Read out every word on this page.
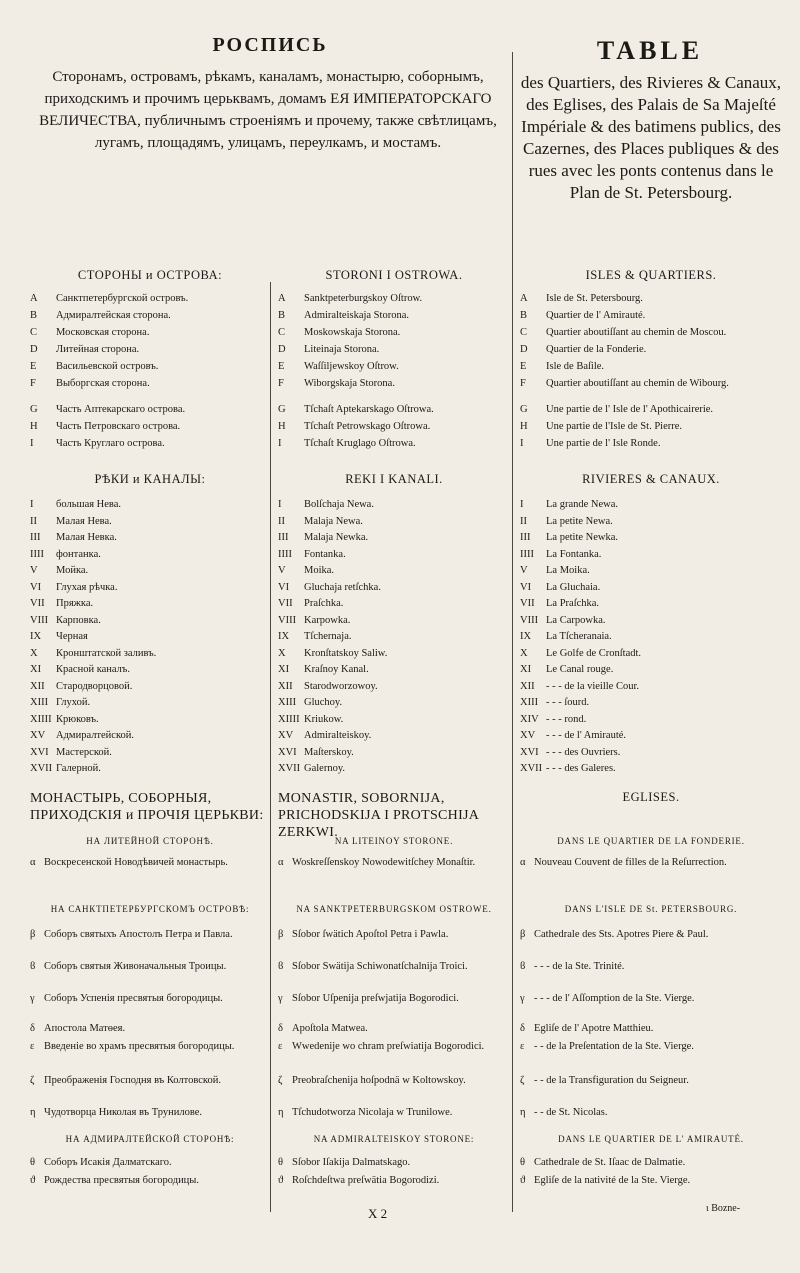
РОСПИСЬ
Сторонамъ, островамъ, рѣкамъ, каналамъ, монастырю, соборнымъ, приходскимъ и прочимъ церьквамъ, домамъ ЕЯ ИМПЕРАТОРСКАГО ВЕЛИЧЕСТВА, публичнымъ строеніямъ и прочему, также свѣтлицамъ, лугамъ, площадямъ, улицамъ, переулкамъ, и мостамъ.
TABLE
des Quartiers, des Rivieres & Canaux, des Eglises, des Palais de Sa Majeſté Impériale & des batimens publics, des Cazernes, des Places publiques & des rues avec les ponts contenus dans le Plan de St. Petersbourg.
СТОРОНЫ и ОСТРОВА:
A	Санктпетербургской островъ.
B	Адмиралтейская сторона.
C	Московская сторона.
D	Литейная сторона.
E	Васильевской островъ.
F	Выборгская сторона.
G	Часть Аптекарскаго острова.
H	Часть Петровскаго острова.
I	Часть Круглаго острова.
РѢКИ и КАНАЛЫ:
I	большая Нева.
II	Малая Нева.
III	Малая Невка.
IIII	фонтанка.
V	Мойка.
VI	Глухая рѣчка.
VII	Пряжка.
VIII Карповка.
IX	Черная
X	Кронштатской заливъ.
XI	Красной каналъ.
XII	Стародворцовой.
XIII Глухой.
XIIII Крюковъ.
XV	Адмиралтейской.
XVI Мастерской.
XVII Галерной.
МОНАСТЫРЬ, СОБОРНЫЯ, ПРИХОДСКІЯ и ПРОЧІЯ ЦЕРЬКВИ:
НА ЛИТЕЙНОЙ СТОРОНѢ.
α Воскресенской Новодѣвичей монастырь.
НА САНКТПЕТЕРБУРГСКОМЪ ОСТРОВѢ:
β Соборъ святыхъ Апостолъ Петра и Павла.
ϐ Соборъ святыя Живоначальныя Троицы.
γ Соборъ Успенія пресвятыя богородицы.
δ Апостола Матѳея.
ε Введеніе во храмъ пресвятыя богородицы.
ζ Преображенія Господня въ Колтовской.
η Чудотворца Николая въ Трунилове.
НА АДМИРАЛТЕЙСКОЙ СТОРОНѢ:
θ Соборъ Исакія Далматскаго.
ϑ Рождества пресвятыя богородицы.
STORONI I OSTROWA.
A	Sanktpeterburgskoy Oſtrow.
B	Admiralteiskaja Storona.
C	Moskowskaja Storona.
D	Liteinaja Storona.
E	Waſſiljewskoy Oſtrow.
F	Wiborgskaja Storona.
G	Tſchaſt Aptekarskago Oſtrowa.
H	Tſchaſt Petrowskago Oſtrowa.
I	Tſchaſt Kruglago Oſtrowa.
REKI I KANALI.
I	Bolſchaja Newa.
II	Malaja Newa.
III	Malaja Newka.
IIII	Fontanka.
V	Moika.
VI	Gluchaja retſchka.
VII	Praſchka.
VIII Karpowka.
IX	Tſchernaja.
X	Kronſtatskoy Saliw.
XI	Kraſnoy Kanal.
XII	Starodworzowoy.
XIII Gluchoy.
XIIII Kriukow.
XV	Admiralteiskoy.
XVI Maſterskoy.
XVII Galernoy.
MONASTIR, SOBORNIJA, PRICHODSKIJA I PROTSCHIJA ZERKWI.
NA LITEINOY STORONE.
α Woskreſſenskoy Nowodewitſchey Monaſtir.
NA SANKTPETERBURGSKOM OSTROWE.
β Sſobor ſwätich Apoſtol Petra i Pawla.
ϐ Sſobor Swätija Schiwonatſchalnija Troici.
γ Sſobor Uſpenija preſwjatija Bogorodici.
δ Apoſtola Matwea.
ε Wwedenije wo chram preſwiatija Bogorodici.
ζ Preobraſchenija hoſpodnä w Koltowskoy.
η Tſchudotworza Nicolaja w Trunilowe.
NA ADMIRALTEISKOY STORONE:
θ Sſobor Iſakija Dalmatskago.
ϑ Roſchdeſtwa preſwätia Bogorodizi.
ISLES & QUARTIERS.
A	Isle de St. Petersbourg.
B	Quartier de l' Amirauté.
C	Quartier aboutiſſant au chemin de Moscou.
D	Quartier de la Fonderie.
E	Isle de Baſile.
F	Quartier aboutiſſant au chemin de Wibourg.
G	Une partie de l' Isle de l' Apothicairerie.
H	Une partie de l'Isle de St. Pierre.
I	Une partie de l' Isle Ronde.
RIVIERES & CANAUX.
I	La grande Newa.
II	La petite Newa.
III	La petite Newka.
IIII	La Fontanka.
V	La Moika.
VI	La Gluchaia.
VII	La Praſchka.
VIII La Carpowka.
IX	La Tſcheranaia.
X	Le Golfe de Cronſtadt.
XI	Le Canal rouge.
XII	- - - de la vieille Cour.
XIII - - - ſourd.
XIV - - - rond.
XV	- - - de l' Amirauté.
XVI - - - des Ouvriers.
XVII - - - des Galeres.
EGLISES.
DANS LE QUARTIER DE LA FONDERIE.
α Nouveau Couvent de filles de la Reſurrection.
DANS L'ISLE DE St. PETERSBOURG.
β Cathedrale des Sts. Apotres Piere & Paul.
ϐ - - - de la Ste. Trinité.
γ - - - de l' Aſſomption de la Ste. Vierge.
δ Egliſe de l' Apotre Matthieu.
ε - - de la Preſentation de la Ste. Vierge.
ζ - - de la Transfiguration du Seigneur.
η - - de St. Nicolas.
DANS LE QUARTIER DE L' AMIRAUTÉ.
θ Cathedrale de St. Iſaac de Dalmatie.
ϑ Egliſe de la nativité de la Ste. Vierge.
X 2	ɩ Bozne-
